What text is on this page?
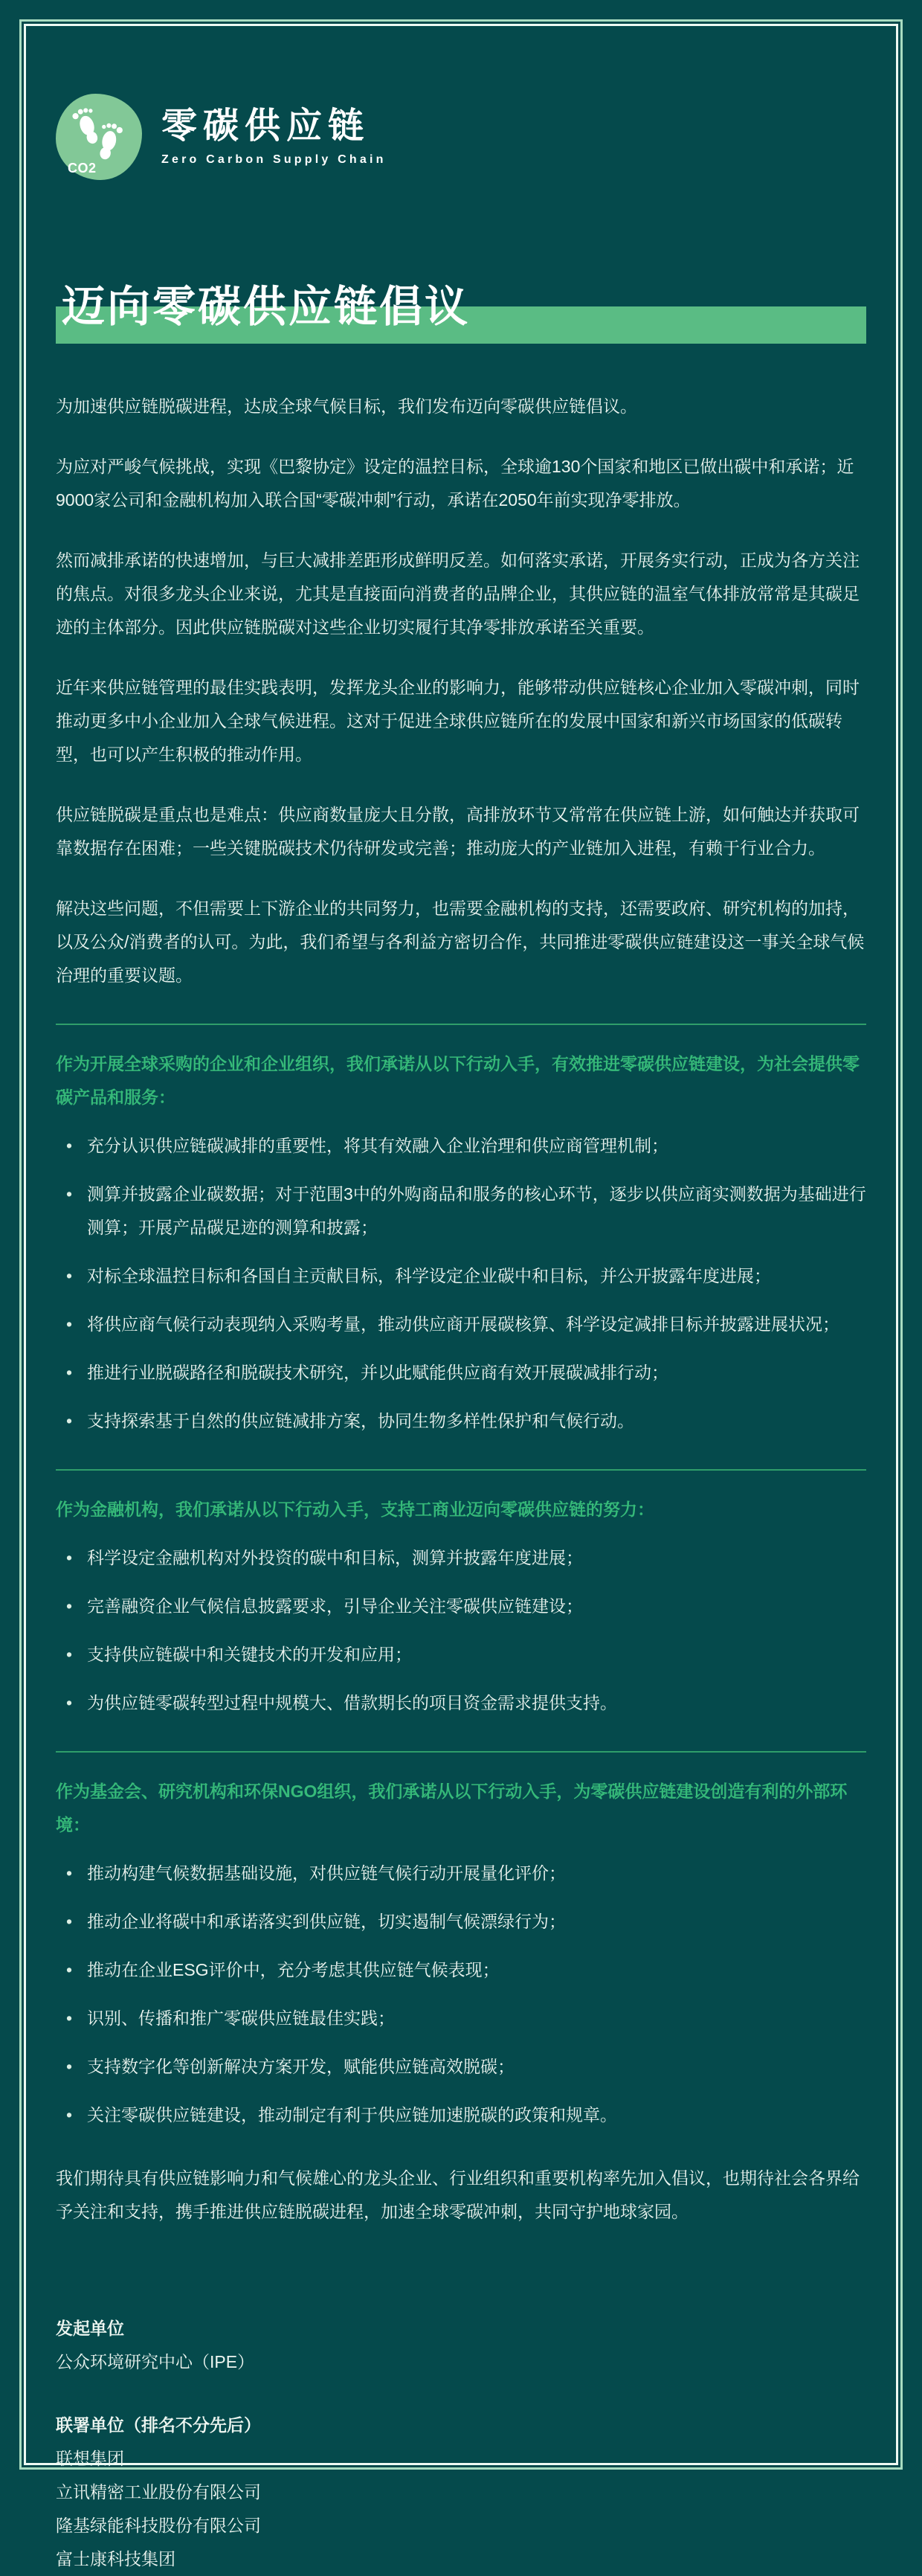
CO2
零碳供应链
Zero Carbon Supply Chain
迈向零碳供应链倡议

为加速供应链脱碳进程，达成全球气候目标，我们发布迈向零碳供应链倡议。

为应对严峻气候挑战，实现《巴黎协定》设定的温控目标，全球逾130个国家和地区已做出碳中和承诺；近9000家公司和金融机构加入联合国“零碳冲刺”行动，承诺在2050年前实现净零排放。

然而减排承诺的快速增加，与巨大减排差距形成鲜明反差。如何落实承诺，开展务实行动，正成为各方关注的焦点。对很多龙头企业来说，尤其是直接面向消费者的品牌企业，其供应链的温室气体排放常常是其碳足迹的主体部分。因此供应链脱碳对这些企业切实履行其净零排放承诺至关重要。

近年来供应链管理的最佳实践表明，发挥龙头企业的影响力，能够带动供应链核心企业加入零碳冲刺，同时推动更多中小企业加入全球气候进程。这对于促进全球供应链所在的发展中国家和新兴市场国家的低碳转型，也可以产生积极的推动作用。

供应链脱碳是重点也是难点：供应商数量庞大且分散，高排放环节又常常在供应链上游，如何触达并获取可靠数据存在困难；一些关键脱碳技术仍待研发或完善；推动庞大的产业链加入进程，有赖于行业合力。

解决这些问题，不但需要上下游企业的共同努力，也需要金融机构的支持，还需要政府、研究机构的加持，以及公众/消费者的认可。为此，我们希望与各利益方密切合作，共同推进零碳供应链建设这一事关全球气候治理的重要议题。

作为开展全球采购的企业和企业组织，我们承诺从以下行动入手，有效推进零碳供应链建设，为社会提供零碳产品和服务：

• 充分认识供应链碳减排的重要性，将其有效融入企业治理和供应商管理机制；
• 测算并披露企业碳数据；对于范围3中的外购商品和服务的核心环节，逐步以供应商实测数据为基础进行测算；开展产品碳足迹的测算和披露；
• 对标全球温控目标和各国自主贡献目标，科学设定企业碳中和目标，并公开披露年度进展；
• 将供应商气候行动表现纳入采购考量，推动供应商开展碳核算、科学设定减排目标并披露进展状况；
• 推进行业脱碳路径和脱碳技术研究，并以此赋能供应商有效开展碳减排行动；
• 支持探索基于自然的供应链减排方案，协同生物多样性保护和气候行动。

作为金融机构，我们承诺从以下行动入手，支持工商业迈向零碳供应链的努力：

• 科学设定金融机构对外投资的碳中和目标，测算并披露年度进展；
• 完善融资企业气候信息披露要求，引导企业关注零碳供应链建设；
• 支持供应链碳中和关键技术的开发和应用；
• 为供应链零碳转型过程中规模大、借款期长的项目资金需求提供支持。

作为基金会、研究机构和环保NGO组织，我们承诺从以下行动入手，为零碳供应链建设创造有利的外部环境：

• 推动构建气候数据基础设施，对供应链气候行动开展量化评价；
• 推动企业将碳中和承诺落实到供应链，切实遏制气候漂绿行为；
• 推动在企业ESG评价中，充分考虑其供应链气候表现；
• 识别、传播和推广零碳供应链最佳实践；
• 支持数字化等创新解决方案开发，赋能供应链高效脱碳；
• 关注零碳供应链建设，推动制定有利于供应链加速脱碳的政策和规章。

我们期待具有供应链影响力和气候雄心的龙头企业、行业组织和重要机构率先加入倡议，也期待社会各界给予关注和支持，携手推进供应链脱碳进程，加速全球零碳冲刺，共同守护地球家园。

发起单位
公众环境研究中心（IPE）
联署单位（排名不分先后）
联想集团
立讯精密工业股份有限公司
隆基绿能科技股份有限公司
富士康科技集团
